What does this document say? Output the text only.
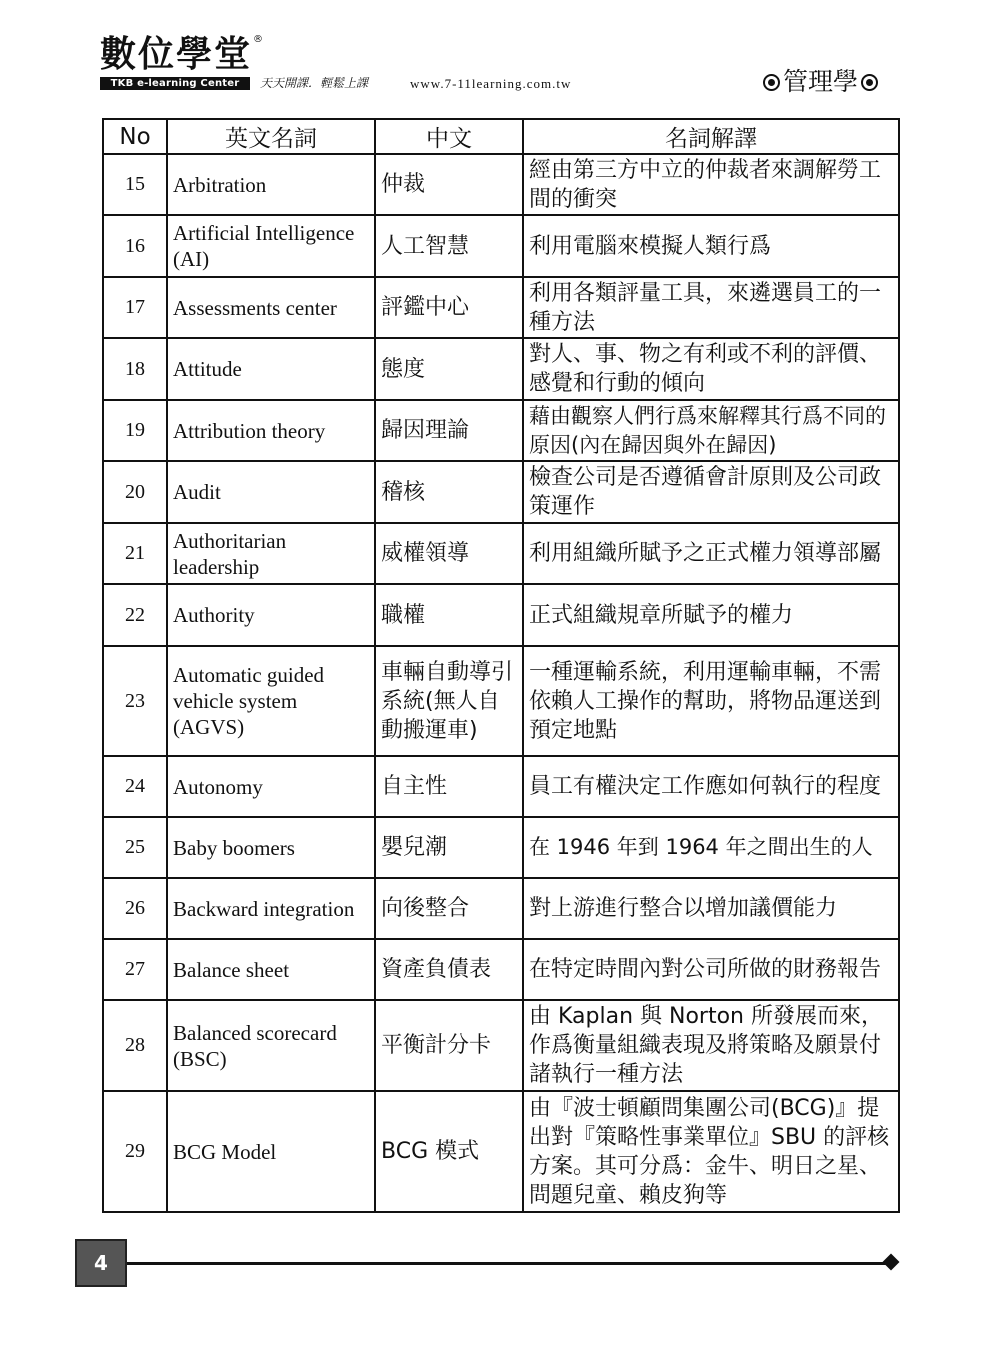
數位學堂 ®
TKB e-learning Center	天天開課．輕鬆上課	www.7-11learning.com.tw	管理學
No	英文名詞	中文	名詞解譯
15	Arbitration	仲裁	經由第三方中立的仲裁者來調解勞工間的衝突
16	Artificial Intelligence (AI)	人工智慧	利用電腦來模擬人類行爲
17	Assessments center	評鑑中心	利用各類評量工具，來遴選員工的一種方法
18	Attitude	態度	對人、事、物之有利或不利的評價、感覺和行動的傾向
19	Attribution theory	歸因理論	藉由觀察人們行爲來解釋其行爲不同的原因(內在歸因與外在歸因)
20	Audit	稽核	檢查公司是否遵循會計原則及公司政策運作
21	Authoritarian leadership	威權領導	利用組織所賦予之正式權力領導部屬
22	Authority	職權	正式組織規章所賦予的權力
23	Automatic guided vehicle system (AGVS)	車輛自動導引系統(無人自動搬運車)	一種運輸系統，利用運輸車輛，不需依賴人工操作的幫助，將物品運送到預定地點
24	Autonomy	自主性	員工有權決定工作應如何執行的程度
25	Baby boomers	嬰兒潮	在 1946 年到 1964 年之間出生的人
26	Backward integration	向後整合	對上游進行整合以增加議價能力
27	Balance sheet	資產負債表	在特定時間內對公司所做的財務報告
28	Balanced scorecard (BSC)	平衡計分卡	由 Kaplan 與 Norton 所發展而來，作爲衡量組織表現及將策略及願景付諸執行一種方法
29	BCG Model	BCG 模式	由『波士頓顧問集團公司(BCG)』提出對『策略性事業單位』SBU 的評核方案。其可分爲：金牛、明日之星、問題兒童、賴皮狗等
4
